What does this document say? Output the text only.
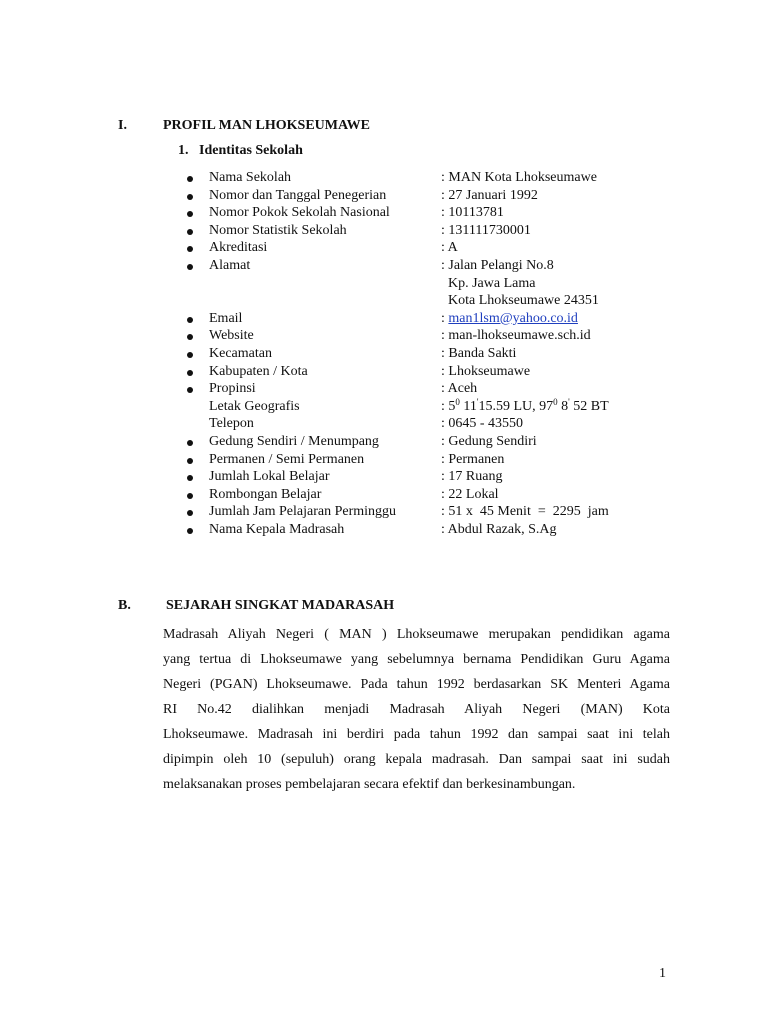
I.	PROFIL MAN LHOKSEUMAWE
1.   Identitas Sekolah
Nama Sekolah	: MAN Kota Lhokseumawe
Nomor dan Tanggal Penegerian	: 27 Januari 1992
Nomor Pokok Sekolah Nasional	: 10113781
Nomor Statistik Sekolah	: 131111730001
Akreditasi	: A
Alamat	: Jalan Pelangi No.8
Kp. Jawa Lama
Kota Lhokseumawe 24351
Email	: man1lsm@yahoo.co.id
Website	: man-lhokseumawe.sch.id
Kecamatan	: Banda Sakti
Kabupaten / Kota	: Lhokseumawe
Propinsi	: Aceh
Letak Geografis	: $5^0$ 11'15.59 LU, $97^0$ 8' 52 BT
Telepon	: 0645 - 43550
Gedung Sendiri / Menumpang	: Gedung Sendiri
Permanen / Semi Permanen	: Permanen
Jumlah Lokal Belajar	: 17 Ruang
Rombongan Belajar	: 22 Lokal
Jumlah Jam Pelajaran Perminggu	: 51 x  45 Menit  =  2295  jam
Nama Kepala Madrasah	: Abdul Razak, S.Ag
B.	SEJARAH SINGKAT MADARASAH
Madrasah Aliyah Negeri ( MAN ) Lhokseumawe merupakan pendidikan agama
yang tertua di Lhokseumawe yang sebelumnya bernama Pendidikan Guru Agama
Negeri (PGAN) Lhokseumawe. Pada tahun 1992 berdasarkan SK Menteri Agama
RI No.42 dialihkan menjadi Madrasah Aliyah Negeri (MAN) Kota
Lhokseumawe. Madrasah ini berdiri pada tahun 1992 dan sampai saat ini telah
dipimpin oleh 10 (sepuluh) orang kepala madrasah. Dan sampai saat ini sudah
melaksanakan proses pembelajaran secara efektif dan berkesinambungan.
1
